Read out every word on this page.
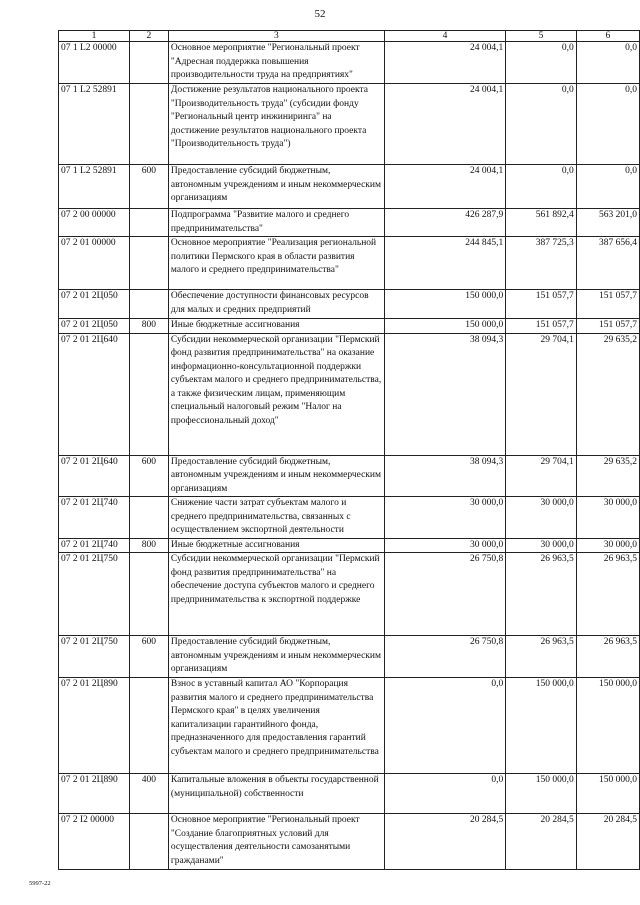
52
1	2	3	4	5	6
07 1 L2 00000		Основное мероприятие "Региональный проект "Адресная поддержка повышения производительности труда на предприятиях"	24 004,1	0,0	0,0
07 1 L2 52891		Достижение результатов национального проекта "Производительность труда" (субсидии фонду "Региональный центр инжиниринга" на достижение результатов национального проекта "Производительность труда")	24 004,1	0,0	0,0
07 1 L2 52891	600	Предоставление субсидий бюджетным, автономным учреждениям и иным некоммерческим организациям	24 004,1	0,0	0,0
07 2 00 00000		Подпрограмма "Развитие малого и среднего предпринимательства"	426 287,9	561 892,4	563 201,0
07 2 01 00000		Основное мероприятие "Реализация региональной политики Пермского края в области развития малого и среднего предпринимательства"	244 845,1	387 725,3	387 656,4
07 2 01 2Ц050		Обеспечение доступности финансовых ресурсов для малых и средних предприятий	150 000,0	151 057,7	151 057,7
07 2 01 2Ц050	800	Иные бюджетные ассигнования	150 000,0	151 057,7	151 057,7
07 2 01 2Ц640		Субсидии некоммерческой организации "Пермский фонд развития предпринимательства" на оказание информационно-консультационной поддержки субъектам малого и среднего предпринимательства, а также физическим лицам, применяющим специальный налоговый режим "Налог на профессиональный доход"	38 094,3	29 704,1	29 635,2
07 2 01 2Ц640	600	Предоставление субсидий бюджетным, автономным учреждениям и иным некоммерческим организациям	38 094,3	29 704,1	29 635,2
07 2 01 2Ц740		Снижение части затрат субъектам малого и среднего предпринимательства, связанных с осуществлением экспортной деятельности	30 000,0	30 000,0	30 000,0
07 2 01 2Ц740	800	Иные бюджетные ассигнования	30 000,0	30 000,0	30 000,0
07 2 01 2Ц750		Субсидии некоммерческой организации "Пермский фонд развития предпринимательства" на обеспечение доступа субъектов малого и среднего предпринимательства к экспортной поддержке	26 750,8	26 963,5	26 963,5
07 2 01 2Ц750	600	Предоставление субсидий бюджетным, автономным учреждениям и иным некоммерческим организациям	26 750,8	26 963,5	26 963,5
07 2 01 2Ц890		Взнос в уставный капитал АО "Корпорация развития малого и среднего предпринимательства Пермского края" в целях увеличения капитализации гарантийного фонда, предназначенного для предоставления гарантий субъектам малого и среднего предпринимательства	0,0	150 000,0	150 000,0
07 2 01 2Ц890	400	Капитальные вложения в объекты государственной (муниципальной) собственности	0,0	150 000,0	150 000,0
07 2 I2 00000		Основное мероприятие "Региональный проект "Создание благоприятных условий для осуществления деятельности самозанятыми гражданами"	20 284,5	20 284,5	20 284,5
5997-22
